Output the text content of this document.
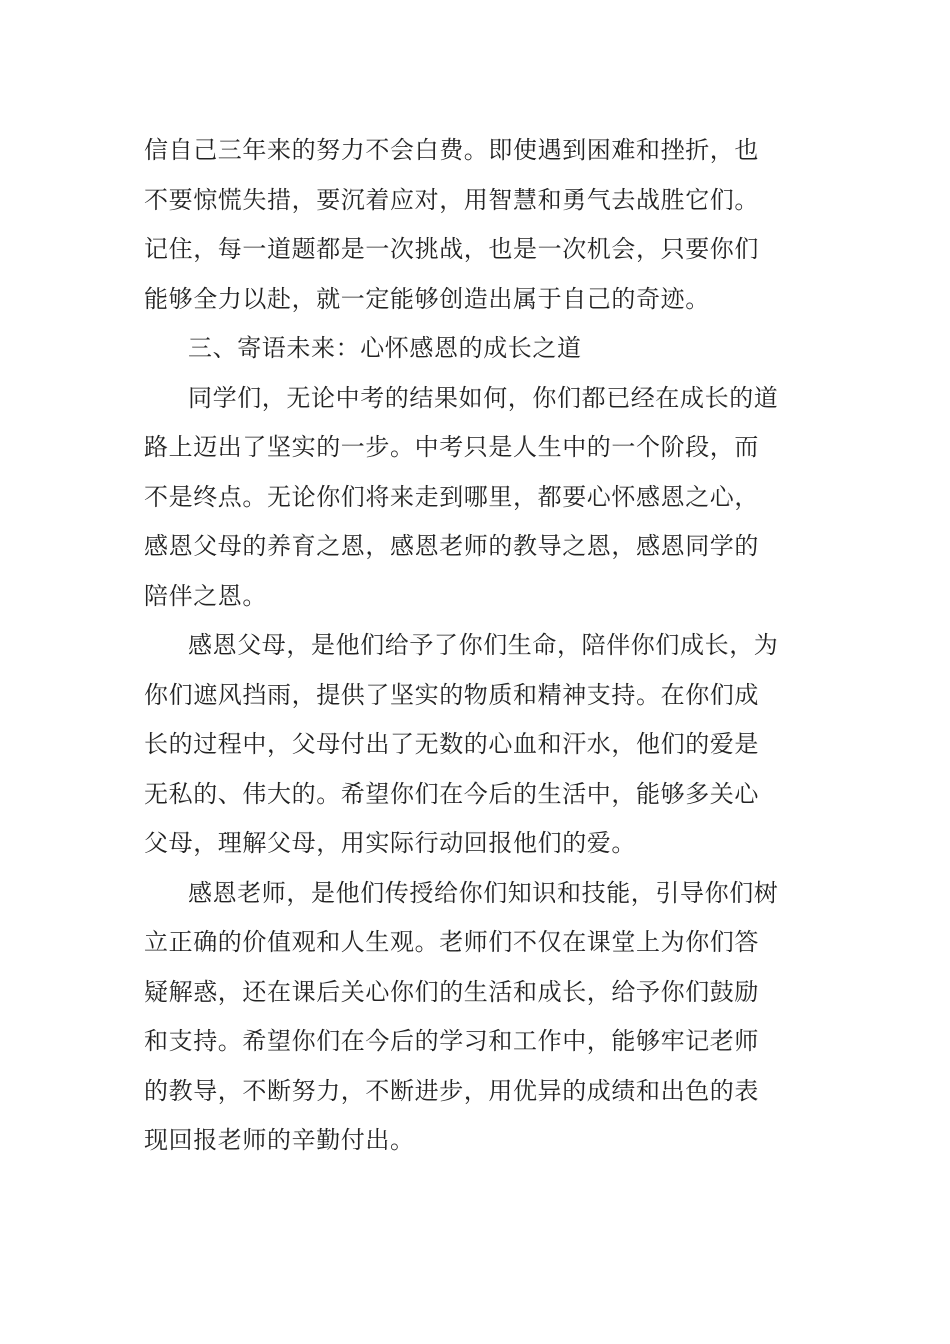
信自己三年来的努力不会白费。即使遇到困难和挫折，也
不要惊慌失措，要沉着应对，用智慧和勇气去战胜它们。
记住，每一道题都是一次挑战，也是一次机会，只要你们
能够全力以赴，就一定能够创造出属于自己的奇迹。

三、寄语未来：心怀感恩的成长之道

同学们，无论中考的结果如何，你们都已经在成长的道
路上迈出了坚实的一步。中考只是人生中的一个阶段，而
不是终点。无论你们将来走到哪里，都要心怀感恩之心，
感恩父母的养育之恩，感恩老师的教导之恩，感恩同学的
陪伴之恩。

感恩父母，是他们给予了你们生命，陪伴你们成长，为
你们遮风挡雨，提供了坚实的物质和精神支持。在你们成
长的过程中，父母付出了无数的心血和汗水，他们的爱是
无私的、伟大的。希望你们在今后的生活中，能够多关心
父母，理解父母，用实际行动回报他们的爱。

感恩老师，是他们传授给你们知识和技能，引导你们树
立正确的价值观和人生观。老师们不仅在课堂上为你们答
疑解惑，还在课后关心你们的生活和成长，给予你们鼓励
和支持。希望你们在今后的学习和工作中，能够牢记老师
的教导，不断努力，不断进步，用优异的成绩和出色的表
现回报老师的辛勤付出。
